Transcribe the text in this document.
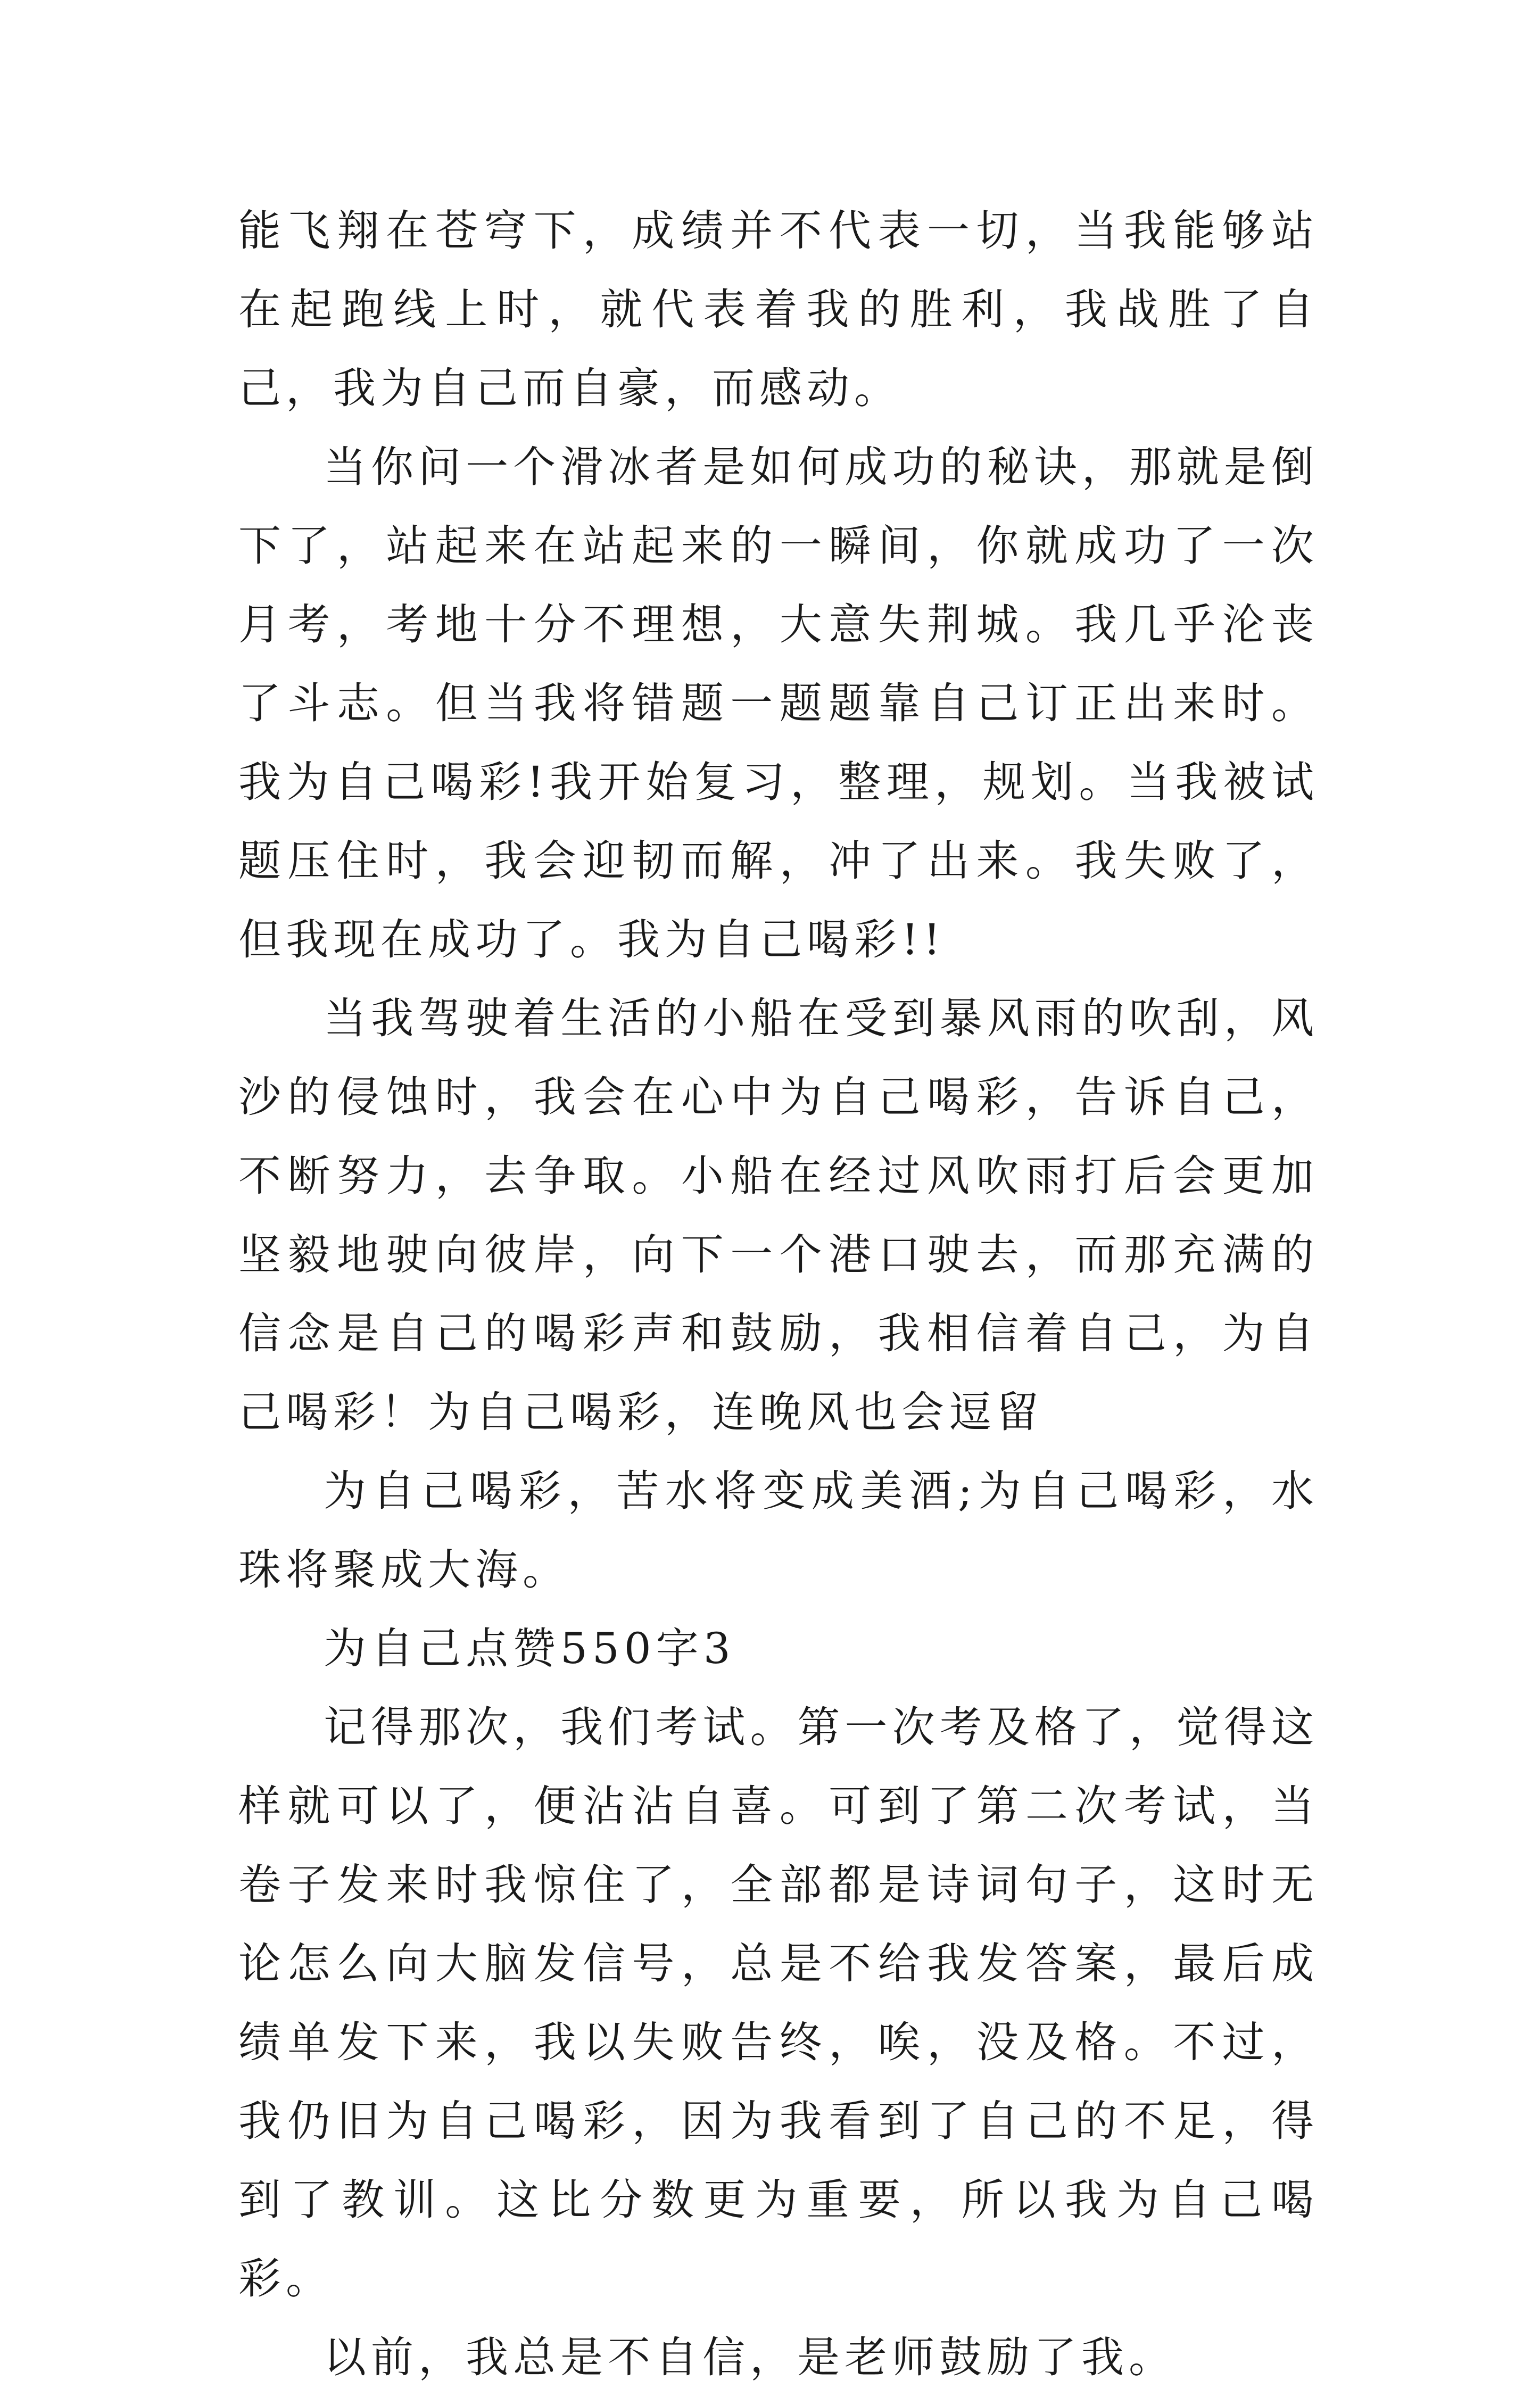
能飞翔在苍穹下，成绩并不代表一切，当我能够站在起跑线上时，就代表着我的胜利，我战胜了自己，我为自己而自豪，而感动。

当你问一个滑冰者是如何成功的秘诀，那就是倒下了，站起来在站起来的一瞬间，你就成功了一次月考，考地十分不理想，大意失荆城。我几乎沦丧了斗志。但当我将错题一题题靠自己订正出来时。我为自己喝彩!我开始复习，整理，规划。当我被试题压住时，我会迎韧而解，冲了出来。我失败了，但我现在成功了。我为自己喝彩!!

当我驾驶着生活的小船在受到暴风雨的吹刮，风沙的侵蚀时，我会在心中为自己喝彩，告诉自己，不断努力，去争取。小船在经过风吹雨打后会更加坚毅地驶向彼岸，向下一个港口驶去，而那充满的信念是自己的喝彩声和鼓励，我相信着自己，为自己喝彩！为自己喝彩，连晚风也会逗留

为自己喝彩，苦水将变成美酒;为自己喝彩，水珠将聚成大海。

为自己点赞550字3

记得那次，我们考试。第一次考及格了，觉得这样就可以了，便沾沾自喜。可到了第二次考试，当卷子发来时我惊住了，全部都是诗词句子，这时无论怎么向大脑发信号，总是不给我发答案，最后成绩单发下来，我以失败告终，唉，没及格。不过，我仍旧为自己喝彩，因为我看到了自己的不足，得到了教训。这比分数更为重要，所以我为自己喝彩。

以前，我总是不自信，是老师鼓励了我。
